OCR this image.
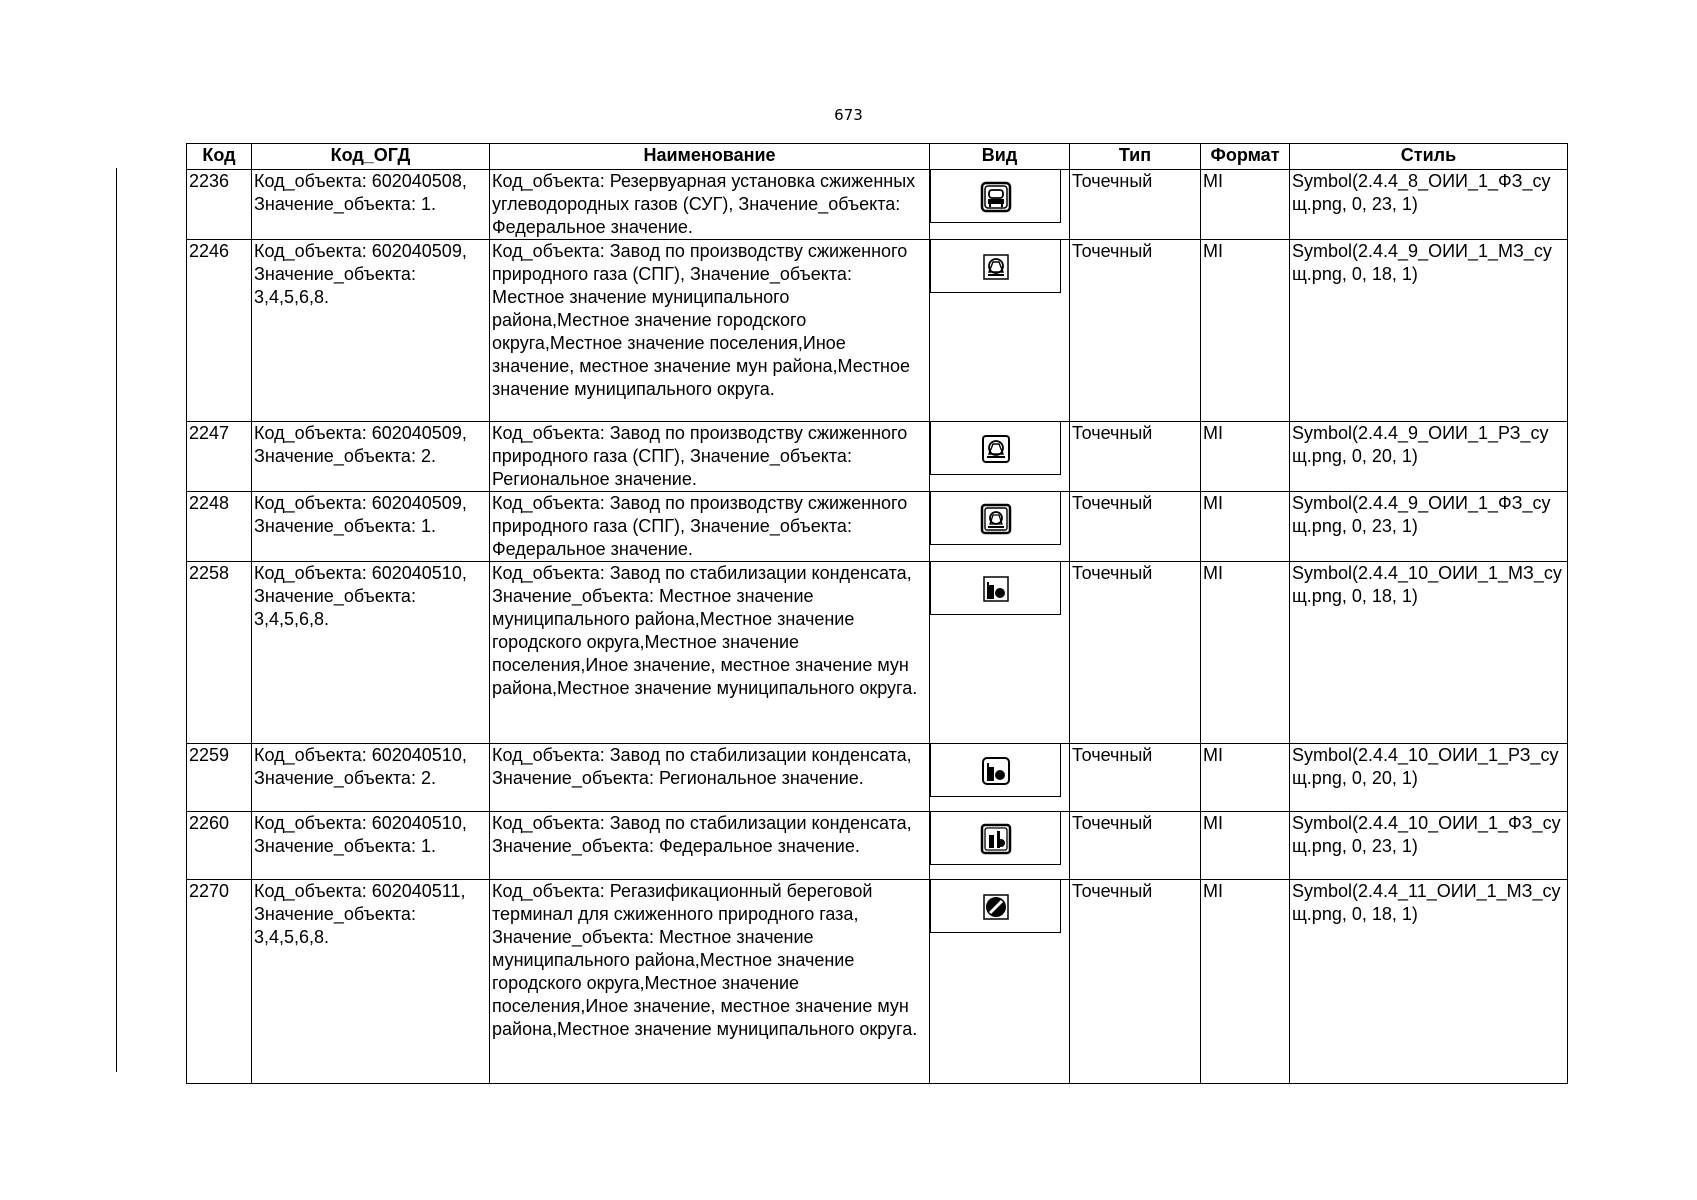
673
Код	Код_ОГД	Наименование	Вид	Тип	Формат	Стиль
2236	Код_объекта: 602040508, Значение_объекта: 1.	Код_объекта: Резервуарная установка сжиженных углеводородных газов (СУГ), Значение_объекта: Федеральное значение.		Точечный	MI	Symbol(2.4.4_8_ОИИ_1_ФЗ_сущ.png, 0, 23, 1)
2246	Код_объекта: 602040509, Значение_объекта: 3,4,5,6,8.	Код_объекта: Завод по производству сжиженного природного газа (СПГ), Значение_объекта: Местное значение муниципального района,Местное значение городского округа,Местное значение поселения,Иное значение, местное значение мун района,Местное значение муниципального округа.		Точечный	MI	Symbol(2.4.4_9_ОИИ_1_МЗ_сущ.png, 0, 18, 1)
2247	Код_объекта: 602040509, Значение_объекта: 2.	Код_объекта: Завод по производству сжиженного природного газа (СПГ), Значение_объекта: Региональное значение.		Точечный	MI	Symbol(2.4.4_9_ОИИ_1_РЗ_сущ.png, 0, 20, 1)
2248	Код_объекта: 602040509, Значение_объекта: 1.	Код_объекта: Завод по производству сжиженного природного газа (СПГ), Значение_объекта: Федеральное значение.		Точечный	MI	Symbol(2.4.4_9_ОИИ_1_ФЗ_сущ.png, 0, 23, 1)
2258	Код_объекта: 602040510, Значение_объекта: 3,4,5,6,8.	Код_объекта: Завод по стабилизации конденсата, Значение_объекта: Местное значение муниципального района,Местное значение городского округа,Местное значение поселения,Иное значение, местное значение мун района,Местное значение муниципального округа.		Точечный	MI	Symbol(2.4.4_10_ОИИ_1_МЗ_сущ.png, 0, 18, 1)
2259	Код_объекта: 602040510, Значение_объекта: 2.	Код_объекта: Завод по стабилизации конденсата, Значение_объекта: Региональное значение.		Точечный	MI	Symbol(2.4.4_10_ОИИ_1_РЗ_сущ.png, 0, 20, 1)
2260	Код_объекта: 602040510, Значение_объекта: 1.	Код_объекта: Завод по стабилизации конденсата, Значение_объекта: Федеральное значение.		Точечный	MI	Symbol(2.4.4_10_ОИИ_1_ФЗ_сущ.png, 0, 23, 1)
2270	Код_объекта: 602040511, Значение_объекта: 3,4,5,6,8.	Код_объекта: Регазификационный береговой терминал для сжиженного природного газа, Значение_объекта: Местное значение муниципального района,Местное значение городского округа,Местное значение поселения,Иное значение, местное значение мун района,Местное значение муниципального округа.		Точечный	MI	Symbol(2.4.4_11_ОИИ_1_МЗ_сущ.png, 0, 18, 1)
